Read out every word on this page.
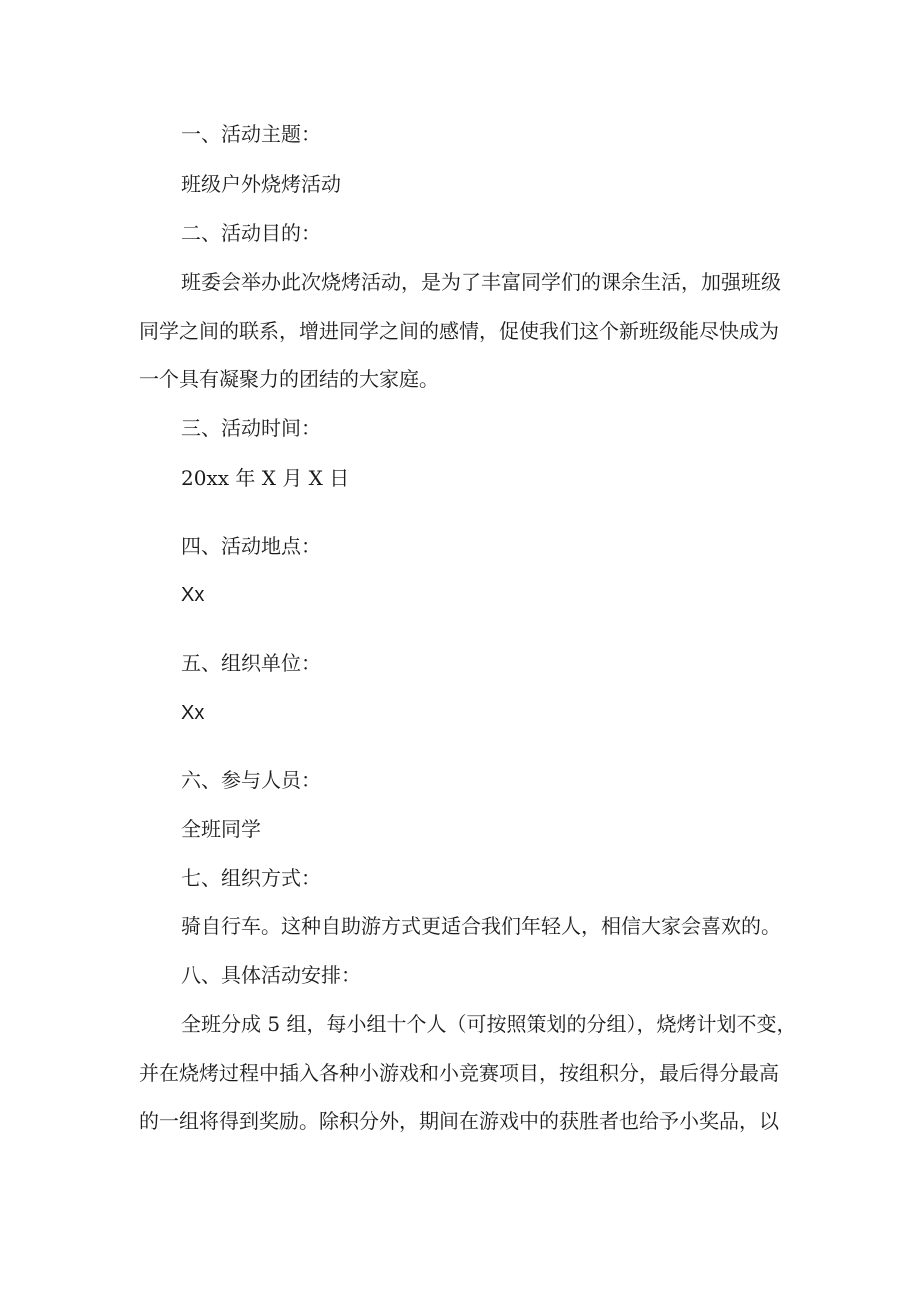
一、活动主题：

班级户外烧烤活动

二、活动目的：

班委会举办此次烧烤活动，是为了丰富同学们的课余生活，加强班级

同学之间的联系，增进同学之间的感情，促使我们这个新班级能尽快成为

一个具有凝聚力的团结的大家庭。

三、活动时间：

20xx 年 X 月 X 日

四、活动地点：

Xx

五、组织单位：

Xx

六、参与人员：

全班同学

七、组织方式：

骑自行车。这种自助游方式更适合我们年轻人，相信大家会喜欢的。

八、具体活动安排：

全班分成 5 组，每小组十个人（可按照策划的分组），烧烤计划不变，

并在烧烤过程中插入各种小游戏和小竞赛项目，按组积分，最后得分最高

的一组将得到奖励。除积分外，期间在游戏中的获胜者也给予小奖品，以
